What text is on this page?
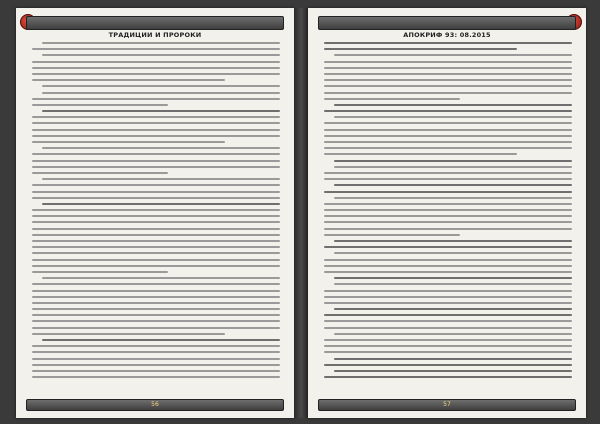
ТРАДИЦИИ И ПРОРОКИ
56
АПОКРИФ 93: 08.2015
57
